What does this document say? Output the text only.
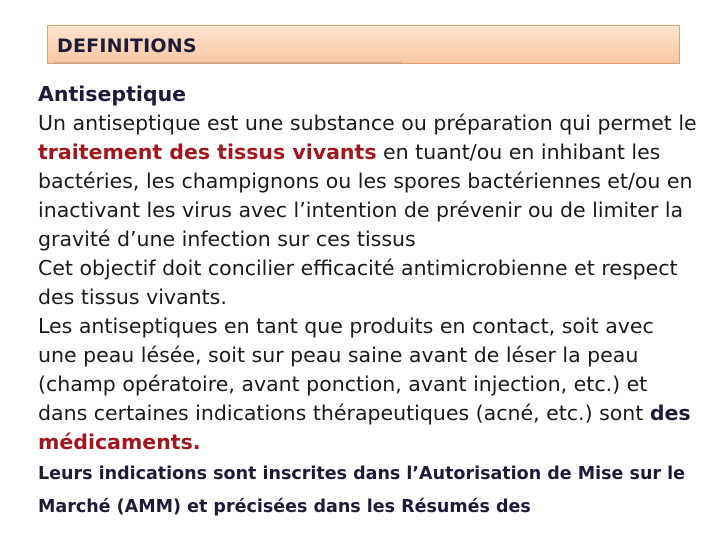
DEFINITIONS

Antiseptique

Un antiseptique est une substance ou préparation qui permet le traitement des tissus vivants en tuant/ou en inhibant les bactéries, les champignons ou les spores bactériennes et/ou en inactivant les virus avec l’intention de prévenir ou de limiter la gravité d’une infection sur ces tissus

Cet objectif doit concilier efficacité antimicrobienne et respect des tissus vivants.

Les antiseptiques en tant que produits en contact, soit avec une peau lésée, soit sur peau saine avant de léser la peau (champ opératoire, avant ponction, avant injection, etc.) et dans certaines indications thérapeutiques (acné, etc.) sont des médicaments.

Leurs indications sont inscrites dans l’Autorisation de Mise sur le Marché (AMM) et précisées dans les Résumés des
